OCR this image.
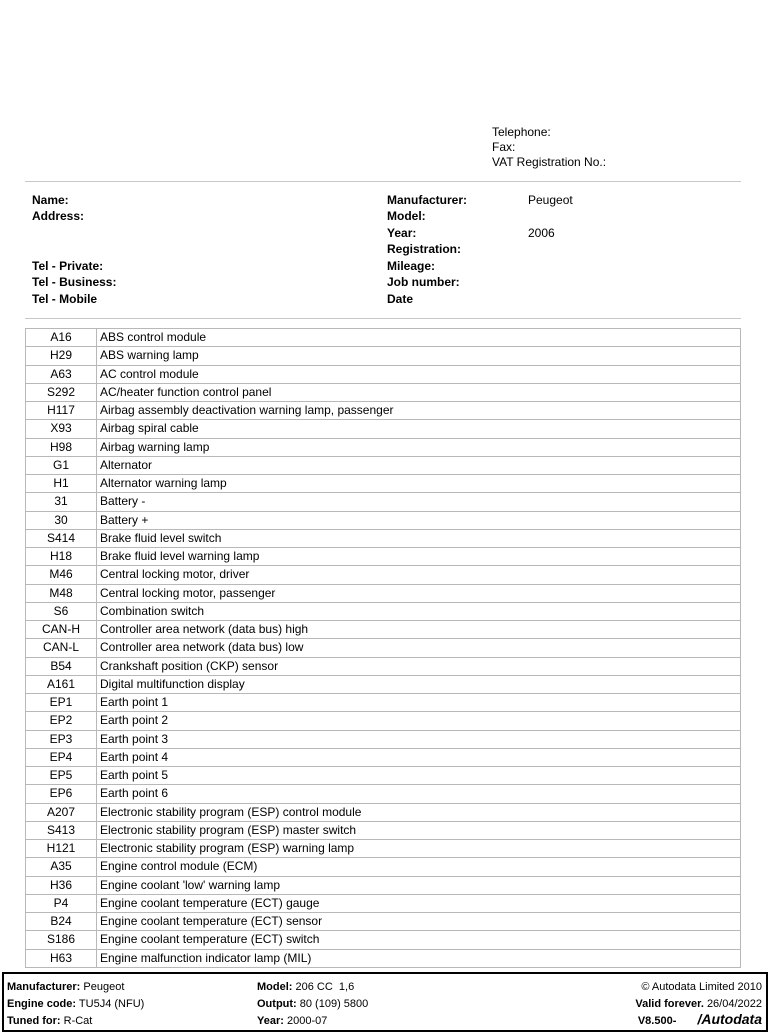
Telephone:
Fax:
VAT Registration No.:
Name:
Address:
Tel - Private:
Tel - Business:
Tel - Mobile
Manufacturer:	Peugeot
Model:
Year:	2006
Registration:
Mileage:
Job number:
Date
A16	ABS control module
H29	ABS warning lamp
A63	AC control module
S292	AC/heater function control panel
H117	Airbag assembly deactivation warning lamp, passenger
X93	Airbag spiral cable
H98	Airbag warning lamp
G1	Alternator
H1	Alternator warning lamp
31	Battery -
30	Battery +
S414	Brake fluid level switch
H18	Brake fluid level warning lamp
M46	Central locking motor, driver
M48	Central locking motor, passenger
S6	Combination switch
CAN-H	Controller area network (data bus) high
CAN-L	Controller area network (data bus) low
B54	Crankshaft position (CKP) sensor
A161	Digital multifunction display
EP1	Earth point 1
EP2	Earth point 2
EP3	Earth point 3
EP4	Earth point 4
EP5	Earth point 5
EP6	Earth point 6
A207	Electronic stability program (ESP) control module
S413	Electronic stability program (ESP) master switch
H121	Electronic stability program (ESP) warning lamp
A35	Engine control module (ECM)
H36	Engine coolant 'low' warning lamp
P4	Engine coolant temperature (ECT) gauge
B24	Engine coolant temperature (ECT) sensor
S186	Engine coolant temperature (ECT) switch
H63	Engine malfunction indicator lamp (MIL)
Manufacturer: Peugeot
Engine code: TU5J4 (NFU)
Tuned for: R-Cat
Model: 206 CC  1,6
Output: 80 (109) 5800
Year: 2000-07
© Autodata Limited 2010
Valid forever. 26/04/2022
V8.500- /Autodata
